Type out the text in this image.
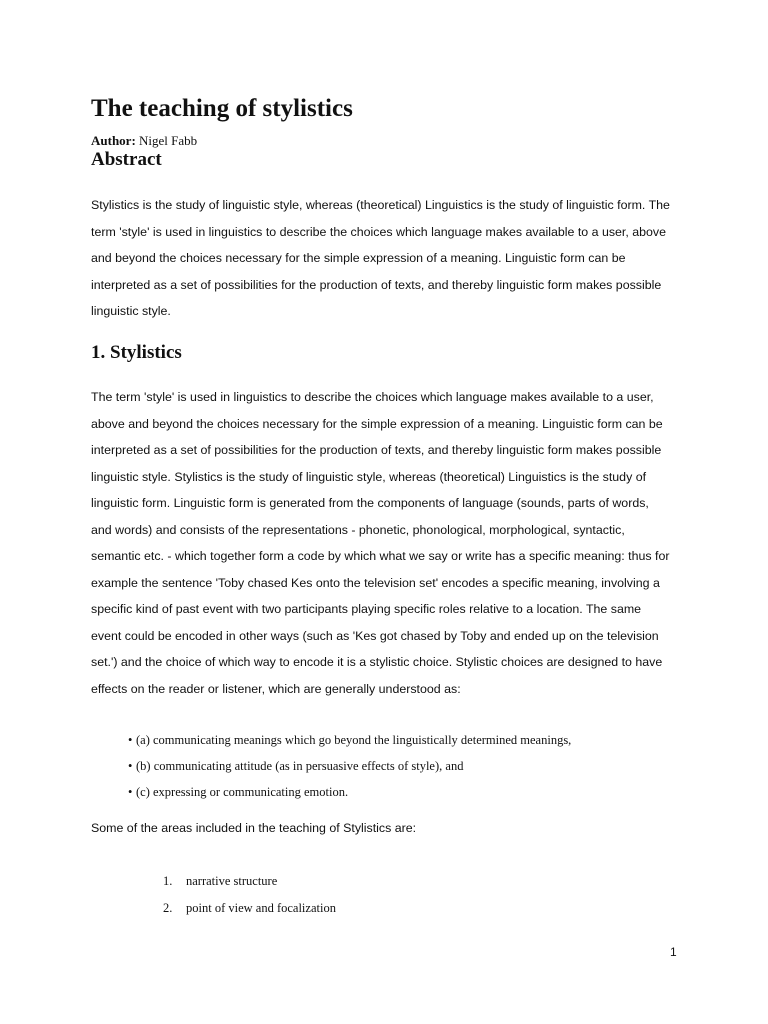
The teaching of stylistics
Author: Nigel Fabb
Abstract

Stylistics is the study of linguistic style, whereas (theoretical) Linguistics is the study of linguistic form. The
term 'style' is used in linguistics to describe the choices which language makes available to a user, above
and beyond the choices necessary for the simple expression of a meaning. Linguistic form can be
interpreted as a set of possibilities for the production of texts, and thereby linguistic form makes possible
linguistic style.

1. Stylistics

The term 'style' is used in linguistics to describe the choices which language makes available to a user,
above and beyond the choices necessary for the simple expression of a meaning. Linguistic form can be
interpreted as a set of possibilities for the production of texts, and thereby linguistic form makes possible
linguistic style. Stylistics is the study of linguistic style, whereas (theoretical) Linguistics is the study of
linguistic form. Linguistic form is generated from the components of language (sounds, parts of words,
and words) and consists of the representations - phonetic, phonological, morphological, syntactic,
semantic etc. - which together form a code by which what we say or write has a specific meaning: thus for
example the sentence 'Toby chased Kes onto the television set' encodes a specific meaning, involving a
specific kind of past event with two participants playing specific roles relative to a location. The same
event could be encoded in other ways (such as 'Kes got chased by Toby and ended up on the television
set.') and the choice of which way to encode it is a stylistic choice. Stylistic choices are designed to have
effects on the reader or listener, which are generally understood as:

• (a) communicating meanings which go beyond the linguistically determined meanings,
• (b) communicating attitude (as in persuasive effects of style), and
• (c) expressing or communicating emotion.

Some of the areas included in the teaching of Stylistics are:

1. narrative structure
2. point of view and focalization
1
